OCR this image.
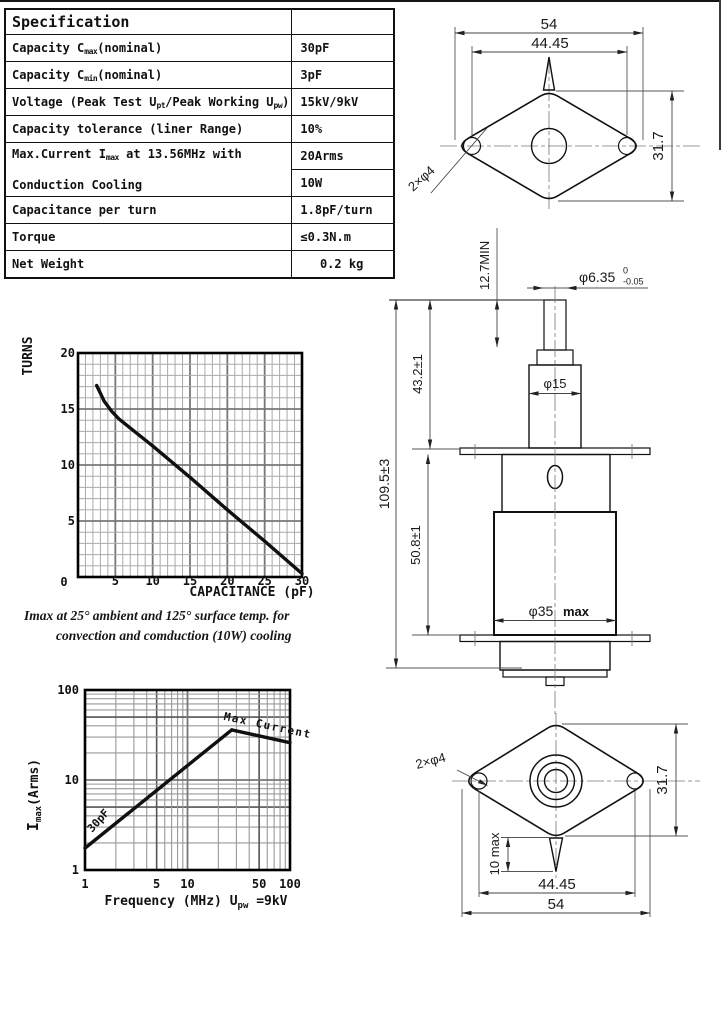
Specification	
Capacity $C_{max}(nominal)$	30pF
Capacity $C_{min}(nominal)$	3pF
Voltage (Peak Test $U_{pt}$/Peak Working $U_{pw}$)	15kV/9kV
Capacity tolerance (liner Range)	10%

Max.Current $I_{max}$ at 13.56MHz with
Conduction Cooling	20Arms
	10W
Capacitance per turn	1.8pF/turn
Torque	≤0.3N.m
Net Weight	0.2 kg
Imax at 25° ambient and 125° surface temp. for
convection and comduction (10W) cooling
0	5 10 15 20 25 30
5
10
15
20
TURNS
CAPACITANCE (pF)
1	5 10	50 100
1
10
100
30pF
Max Current
$I_{max}(Arms)$
Frequency (MHz) $U_{pw} =9kV$
54
44.45
31.7
2×φ4
109.5±3
43.2±1
50.8±1
12.7MIN	φ6.35 0
-0.05
φ15
φ35 max
2×φ4
31.7
10 max
44.45
54
